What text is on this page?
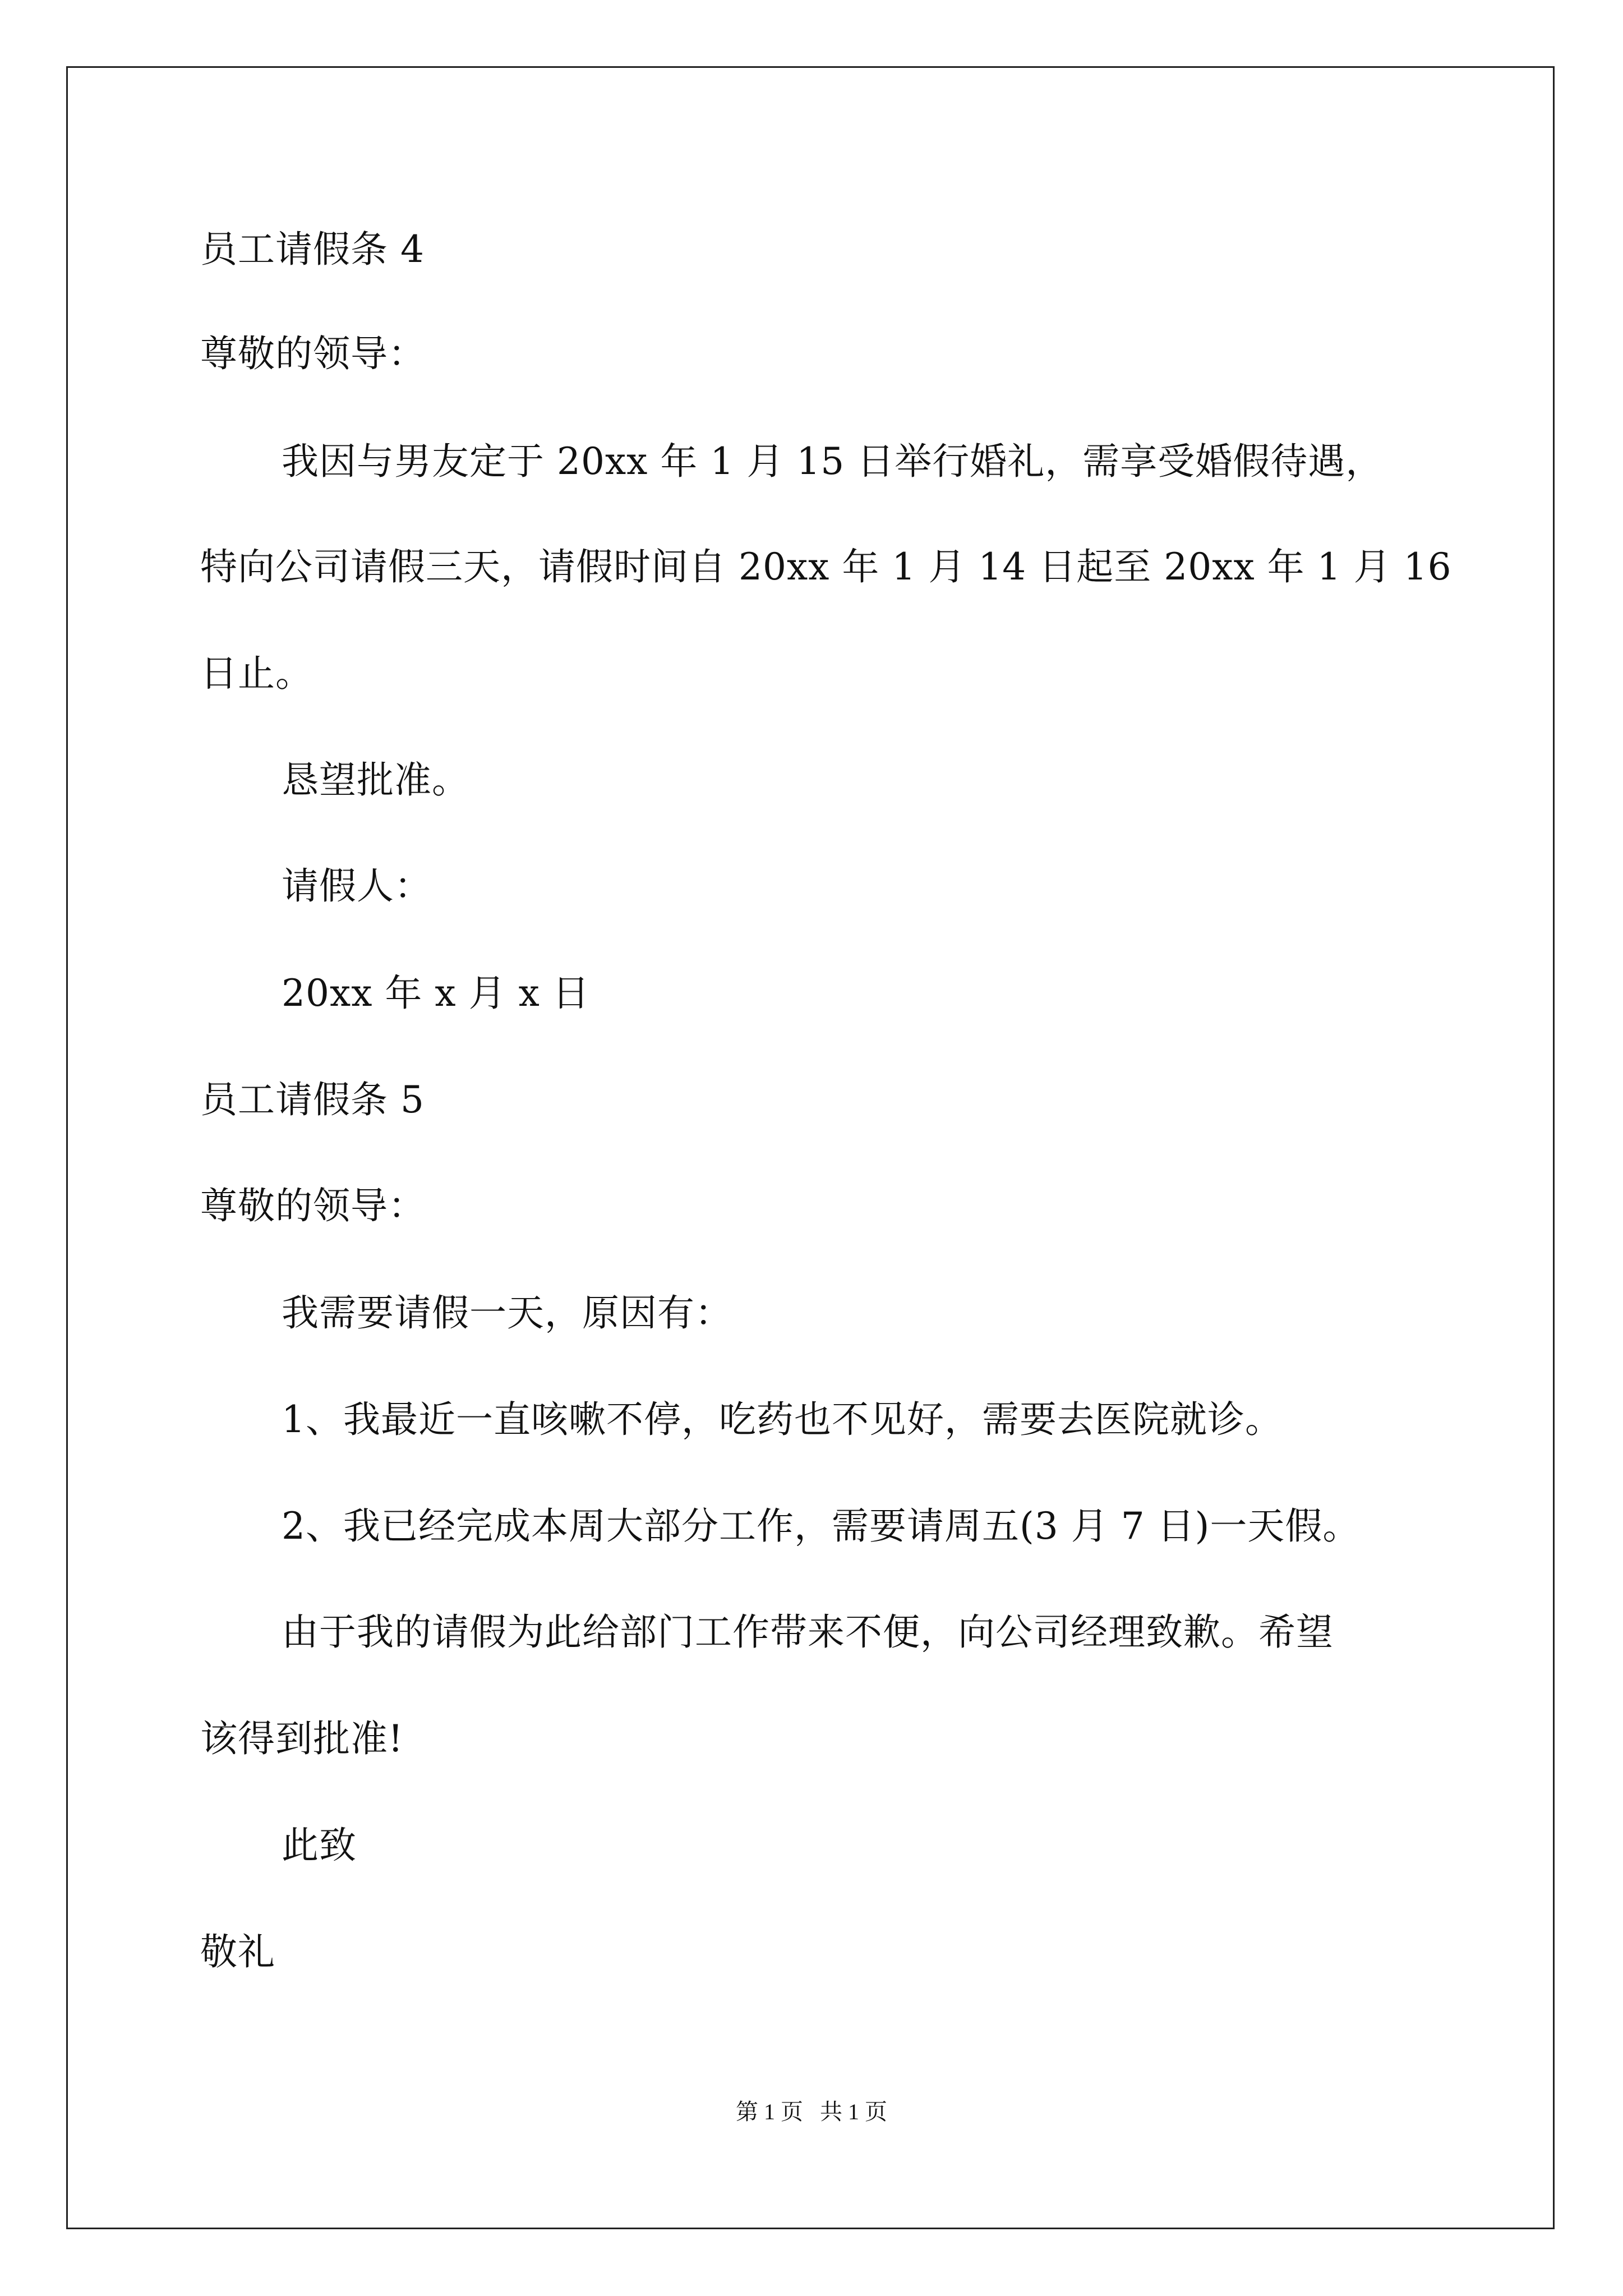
员工请假条 4
尊敬的领导：
我因与男友定于 20xx 年 1 月 15 日举行婚礼，需享受婚假待遇，
特向公司请假三天，请假时间自 20xx 年 1 月 14 日起至 20xx 年 1 月 16
日止。
恳望批准。
请假人：
20xx 年 x 月 x 日
员工请假条 5
尊敬的领导：
我需要请假一天，原因有：
1、我最近一直咳嗽不停，吃药也不见好，需要去医院就诊。
2、我已经完成本周大部分工作，需要请周五(3 月 7 日)一天假。
由于我的请假为此给部门工作带来不便，向公司经理致歉。希望
该得到批准!
此致
敬礼
第 1 页   共 1 页
